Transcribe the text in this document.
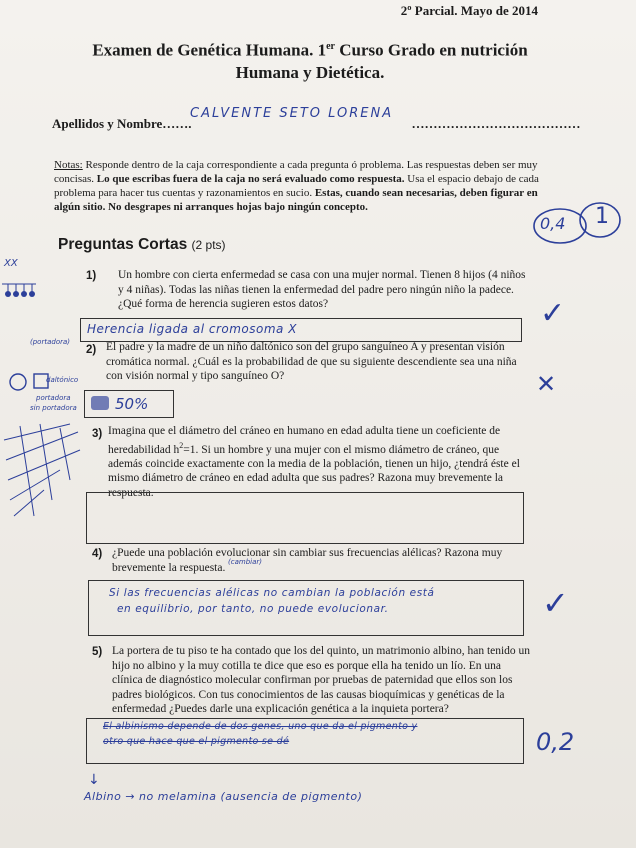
2º Parcial. Mayo de 2014
Examen de Genética Humana. 1er Curso Grado en nutrición
Humana y Dietética.
Apellidos y Nombre…….	…………………………………
CALVENTE SETO LORENA
Notas: Responde dentro de la caja correspondiente a cada pregunta ó problema. Las respuestas deben ser muy concisas. Lo que escribas fuera de la caja no será evaluado como respuesta. Usa el espacio debajo de cada problema para hacer tus cuentas y razonamientos en sucio. Estas, cuando sean necesarias, deben figurar en algún sitio. No desgrapes ni arranques hojas bajo ningún concepto.
0,4 1
Preguntas Cortas (2 pts)
1) Un hombre con cierta enfermedad se casa con una mujer normal. Tienen 8 hijos (4 niños y 4 niñas). Todas las niñas tienen la enfermedad del padre pero ningún niño la padece. ¿Qué forma de herencia sugieren estos datos?
Herencia ligada al cromosoma X	✓
2) El padre y la madre de un niño daltónico son del grupo sanguíneo A y presentan visión cromática normal. ¿Cuál es la probabilidad de que su siguiente descendiente sea una niña con visión normal y tipo sanguíneo O?
50%
✕
3) Imagina que el diámetro del cráneo en humano en edad adulta tiene un coeficiente de heredabilidad $h^2=1$. Si un hombre y una mujer con el mismo diámetro de cráneo, que además coincide exactamente con la media de la población, tienen un hijo, ¿tendrá éste el mismo diámetro de cráneo en edad adulta que sus padres? Razona muy brevemente la respuesta.
4) ¿Puede una población evolucionar sin cambiar sus frecuencias alélicas? Razona muy brevemente la respuesta. (cambiar)
Si las frecuencias alélicas no cambian la población está
en equilibrio, por tanto, no puede evolucionar.	✓
5) La portera de tu piso te ha contado que los del quinto, un matrimonio albino, han tenido un hijo no albino y la muy cotilla te dice que eso es porque ella ha tenido un lío. En una clínica de diagnóstico molecular confirman por pruebas de paternidad que ellos son los padres biológicos. Con tus conocimientos de las causas bioquímicas y genéticas de la enfermedad ¿Puedes darle una explicación genética a la inquieta portera?
El albinismo depende de dos genes, uno que da el pigmento y
otro que hace que el pigmento se dé	0,2
↓
Albino → no melamina (ausencia de pigmento)
XX
(portadora)
daltónico
portadora
sin portadora
